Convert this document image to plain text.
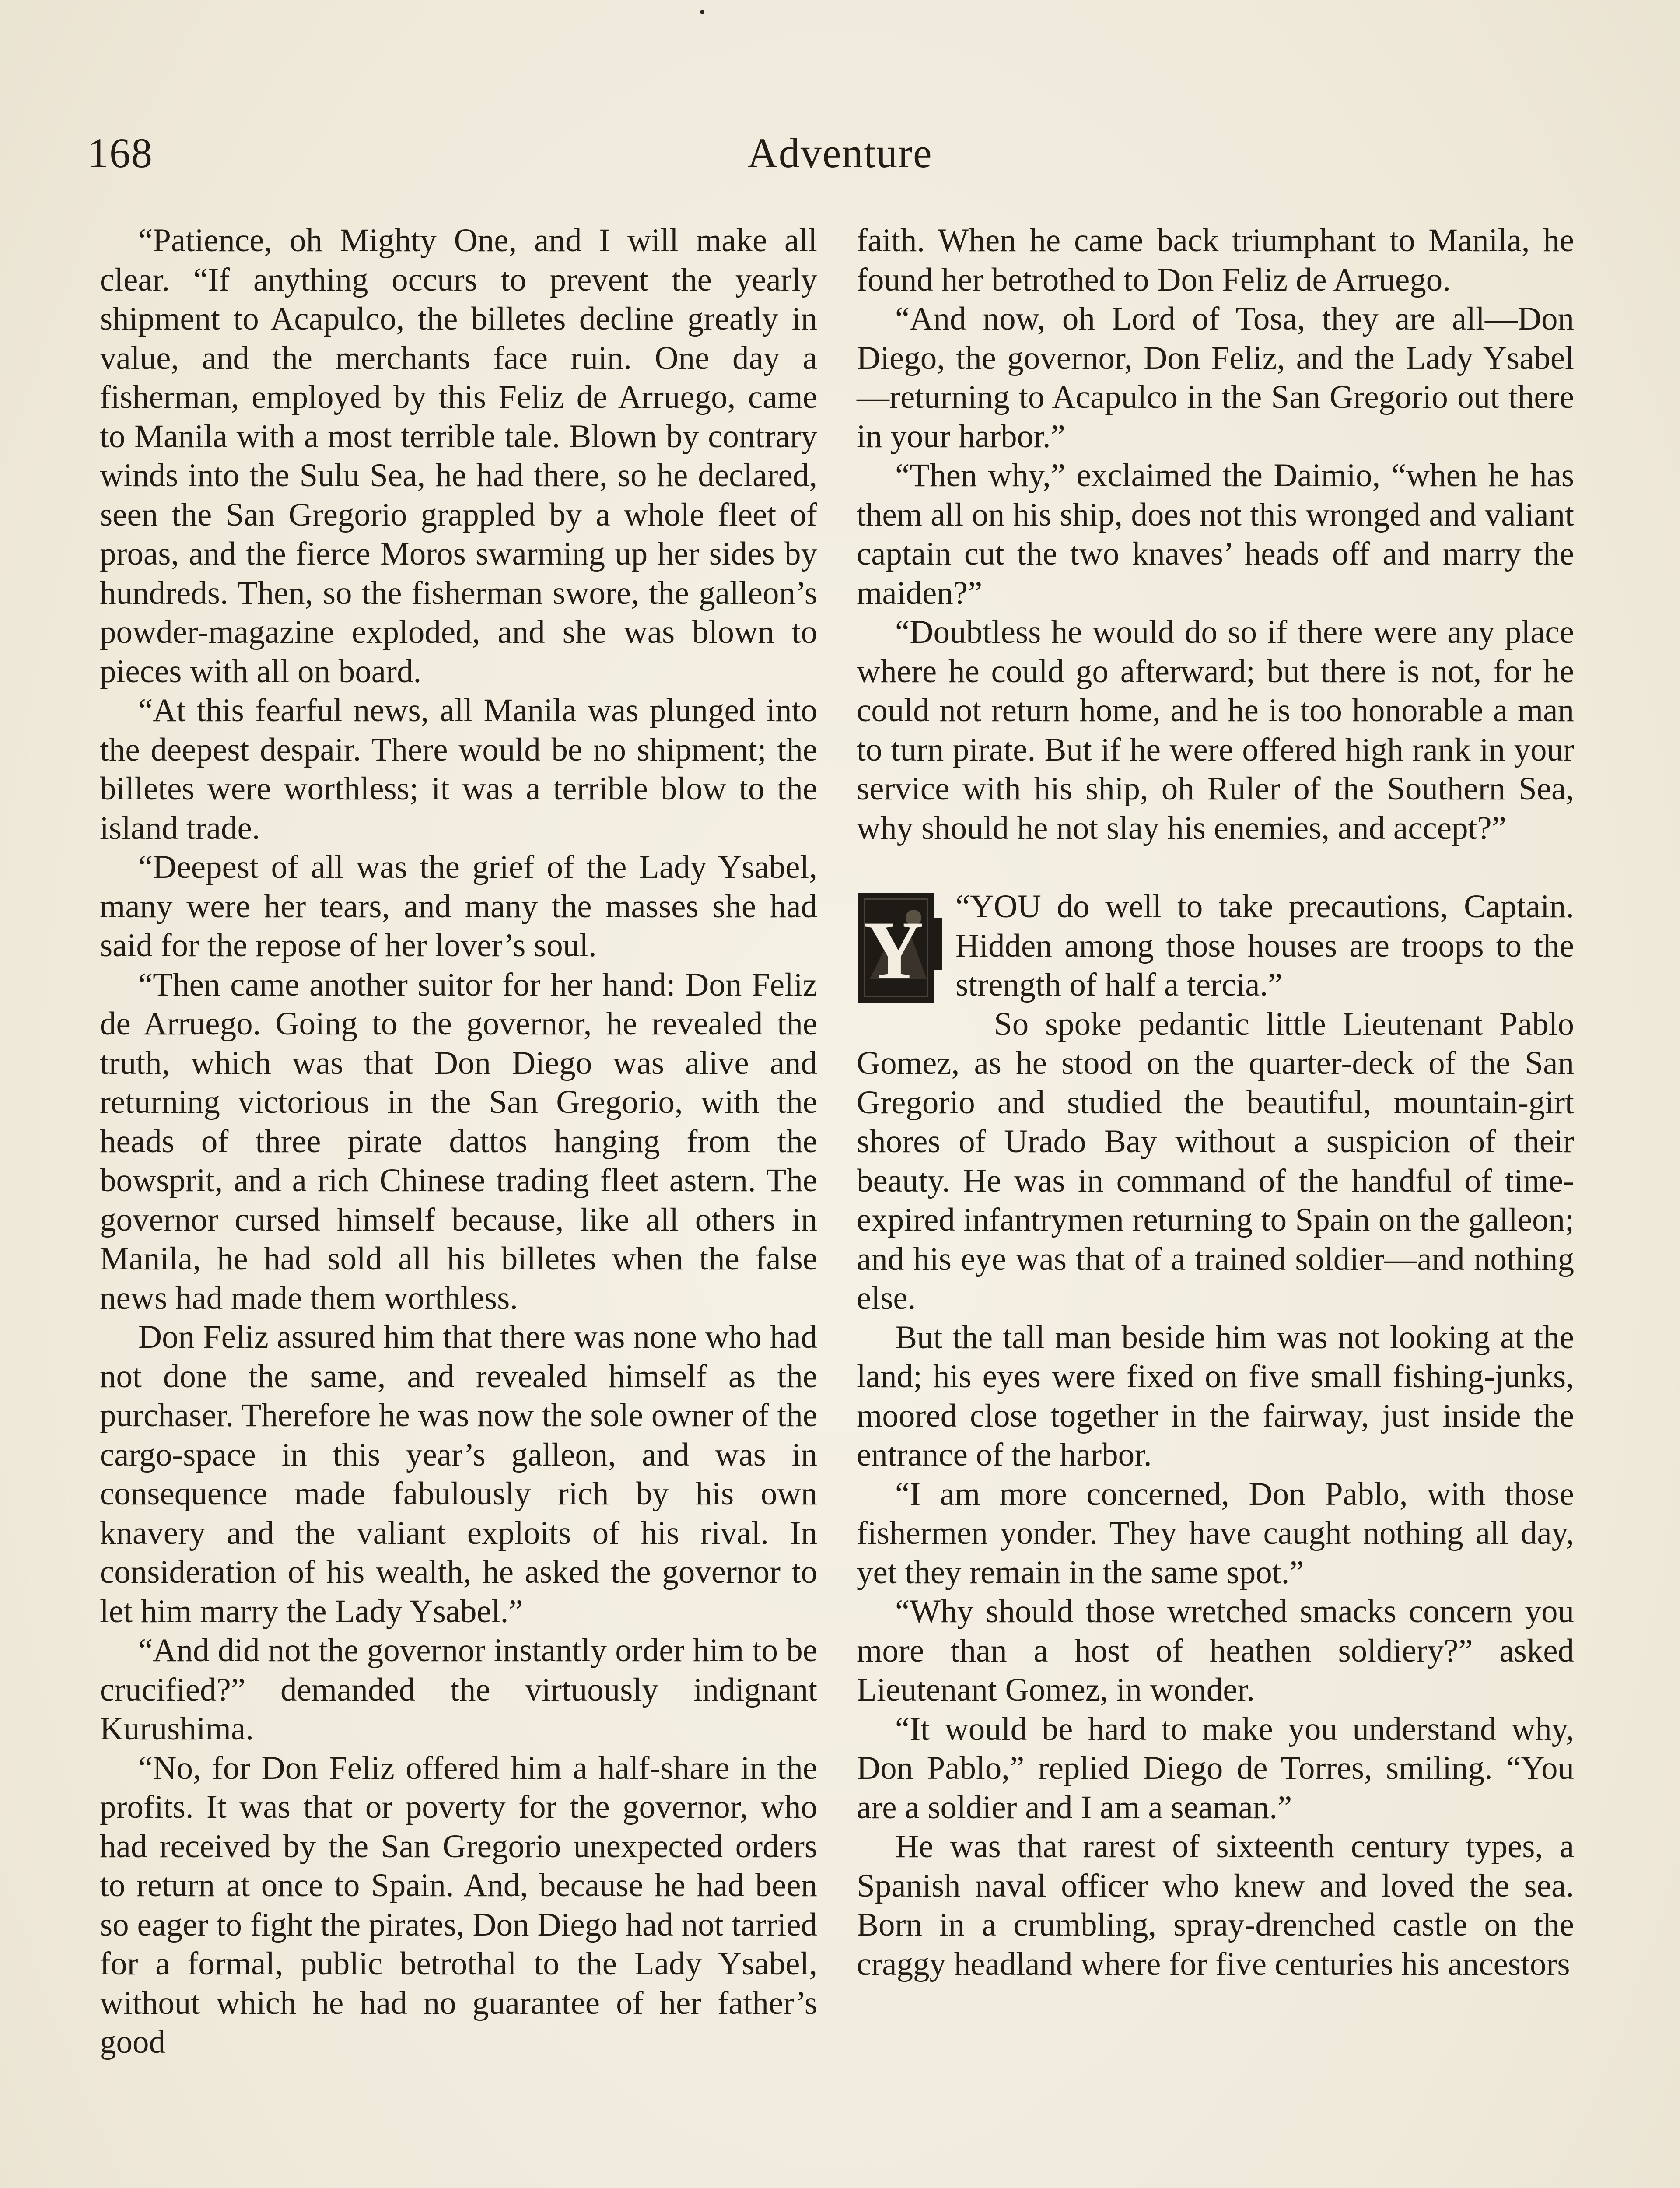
168	Adventure

“Patience, oh Mighty One, and I will make all clear. “If anything occurs to prevent the yearly shipment to Acapulco, the billetes decline greatly in value, and the merchants face ruin. One day a fisherman, employed by this Feliz de Arruego, came to Manila with a most terrible tale. Blown by contrary winds into the Sulu Sea, he had there, so he declared, seen the San Gregorio grappled by a whole fleet of proas, and the fierce Moros swarming up her sides by hundreds. Then, so the fisherman swore, the galleon’s powder-magazine exploded, and she was blown to pieces with all on board.

“At this fearful news, all Manila was plunged into the deepest despair. There would be no shipment; the billetes were worthless; it was a terrible blow to the island trade.

“Deepest of all was the grief of the Lady Ysabel, many were her tears, and many the masses she had said for the repose of her lover’s soul.

“Then came another suitor for her hand: Don Feliz de Arruego. Going to the governor, he revealed the truth, which was that Don Diego was alive and returning victorious in the San Gregorio, with the heads of three pirate dattos hanging from the bowsprit, and a rich Chinese trading fleet astern. The governor cursed himself because, like all others in Manila, he had sold all his billetes when the false news had made them worthless.

Don Feliz assured him that there was none who had not done the same, and revealed himself as the purchaser. Therefore he was now the sole owner of the cargo-space in this year’s galleon, and was in consequence made fabulously rich by his own knavery and the valiant exploits of his rival. In consideration of his wealth, he asked the governor to let him marry the Lady Ysabel.”

“And did not the governor instantly order him to be crucified?” demanded the virtuously indignant Kurushima.

“No, for Don Feliz offered him a half-share in the profits. It was that or poverty for the governor, who had received by the San Gregorio unexpected orders to return at once to Spain. And, because he had been so eager to fight the pirates, Don Diego had not tarried for a formal, public betrothal to the Lady Ysabel, without which he had no guarantee of her father’s good

faith. When he came back triumphant to Manila, he found her betrothed to Don Feliz de Arruego.

“And now, oh Lord of Tosa, they are all—Don Diego, the governor, Don Feliz, and the Lady Ysabel—returning to Acapulco in the San Gregorio out there in your harbor.”

“Then why,” exclaimed the Daimio, “when he has them all on his ship, does not this wronged and valiant captain cut the two knaves’ heads off and marry the maiden?”

“Doubtless he would do so if there were any place where he could go afterward; but there is not, for he could not return home, and he is too honorable a man to turn pirate. But if he were offered high rank in your service with his ship, oh Ruler of the Southern Sea, why should he not slay his enemies, and accept?”

Y “YOU do well to take precautions, Captain. Hidden among those houses are troops to the strength of half a tercia.”

So spoke pedantic little Lieutenant Pablo Gomez, as he stood on the quarter-deck of the San Gregorio and studied the beautiful, mountain-girt shores of Urado Bay without a suspicion of their beauty. He was in command of the handful of time-expired infantrymen returning to Spain on the galleon; and his eye was that of a trained soldier—and nothing else.

But the tall man beside him was not looking at the land; his eyes were fixed on five small fishing-junks, moored close together in the fairway, just inside the entrance of the harbor.

“I am more concerned, Don Pablo, with those fishermen yonder. They have caught nothing all day, yet they remain in the same spot.”

“Why should those wretched smacks concern you more than a host of heathen soldiery?” asked Lieutenant Gomez, in wonder.

“It would be hard to make you understand why, Don Pablo,” replied Diego de Torres, smiling. “You are a soldier and I am a seaman.”

He was that rarest of sixteenth century types, a Spanish naval officer who knew and loved the sea. Born in a crumbling, spray-drenched castle on the craggy headland where for five centuries his ancestors
